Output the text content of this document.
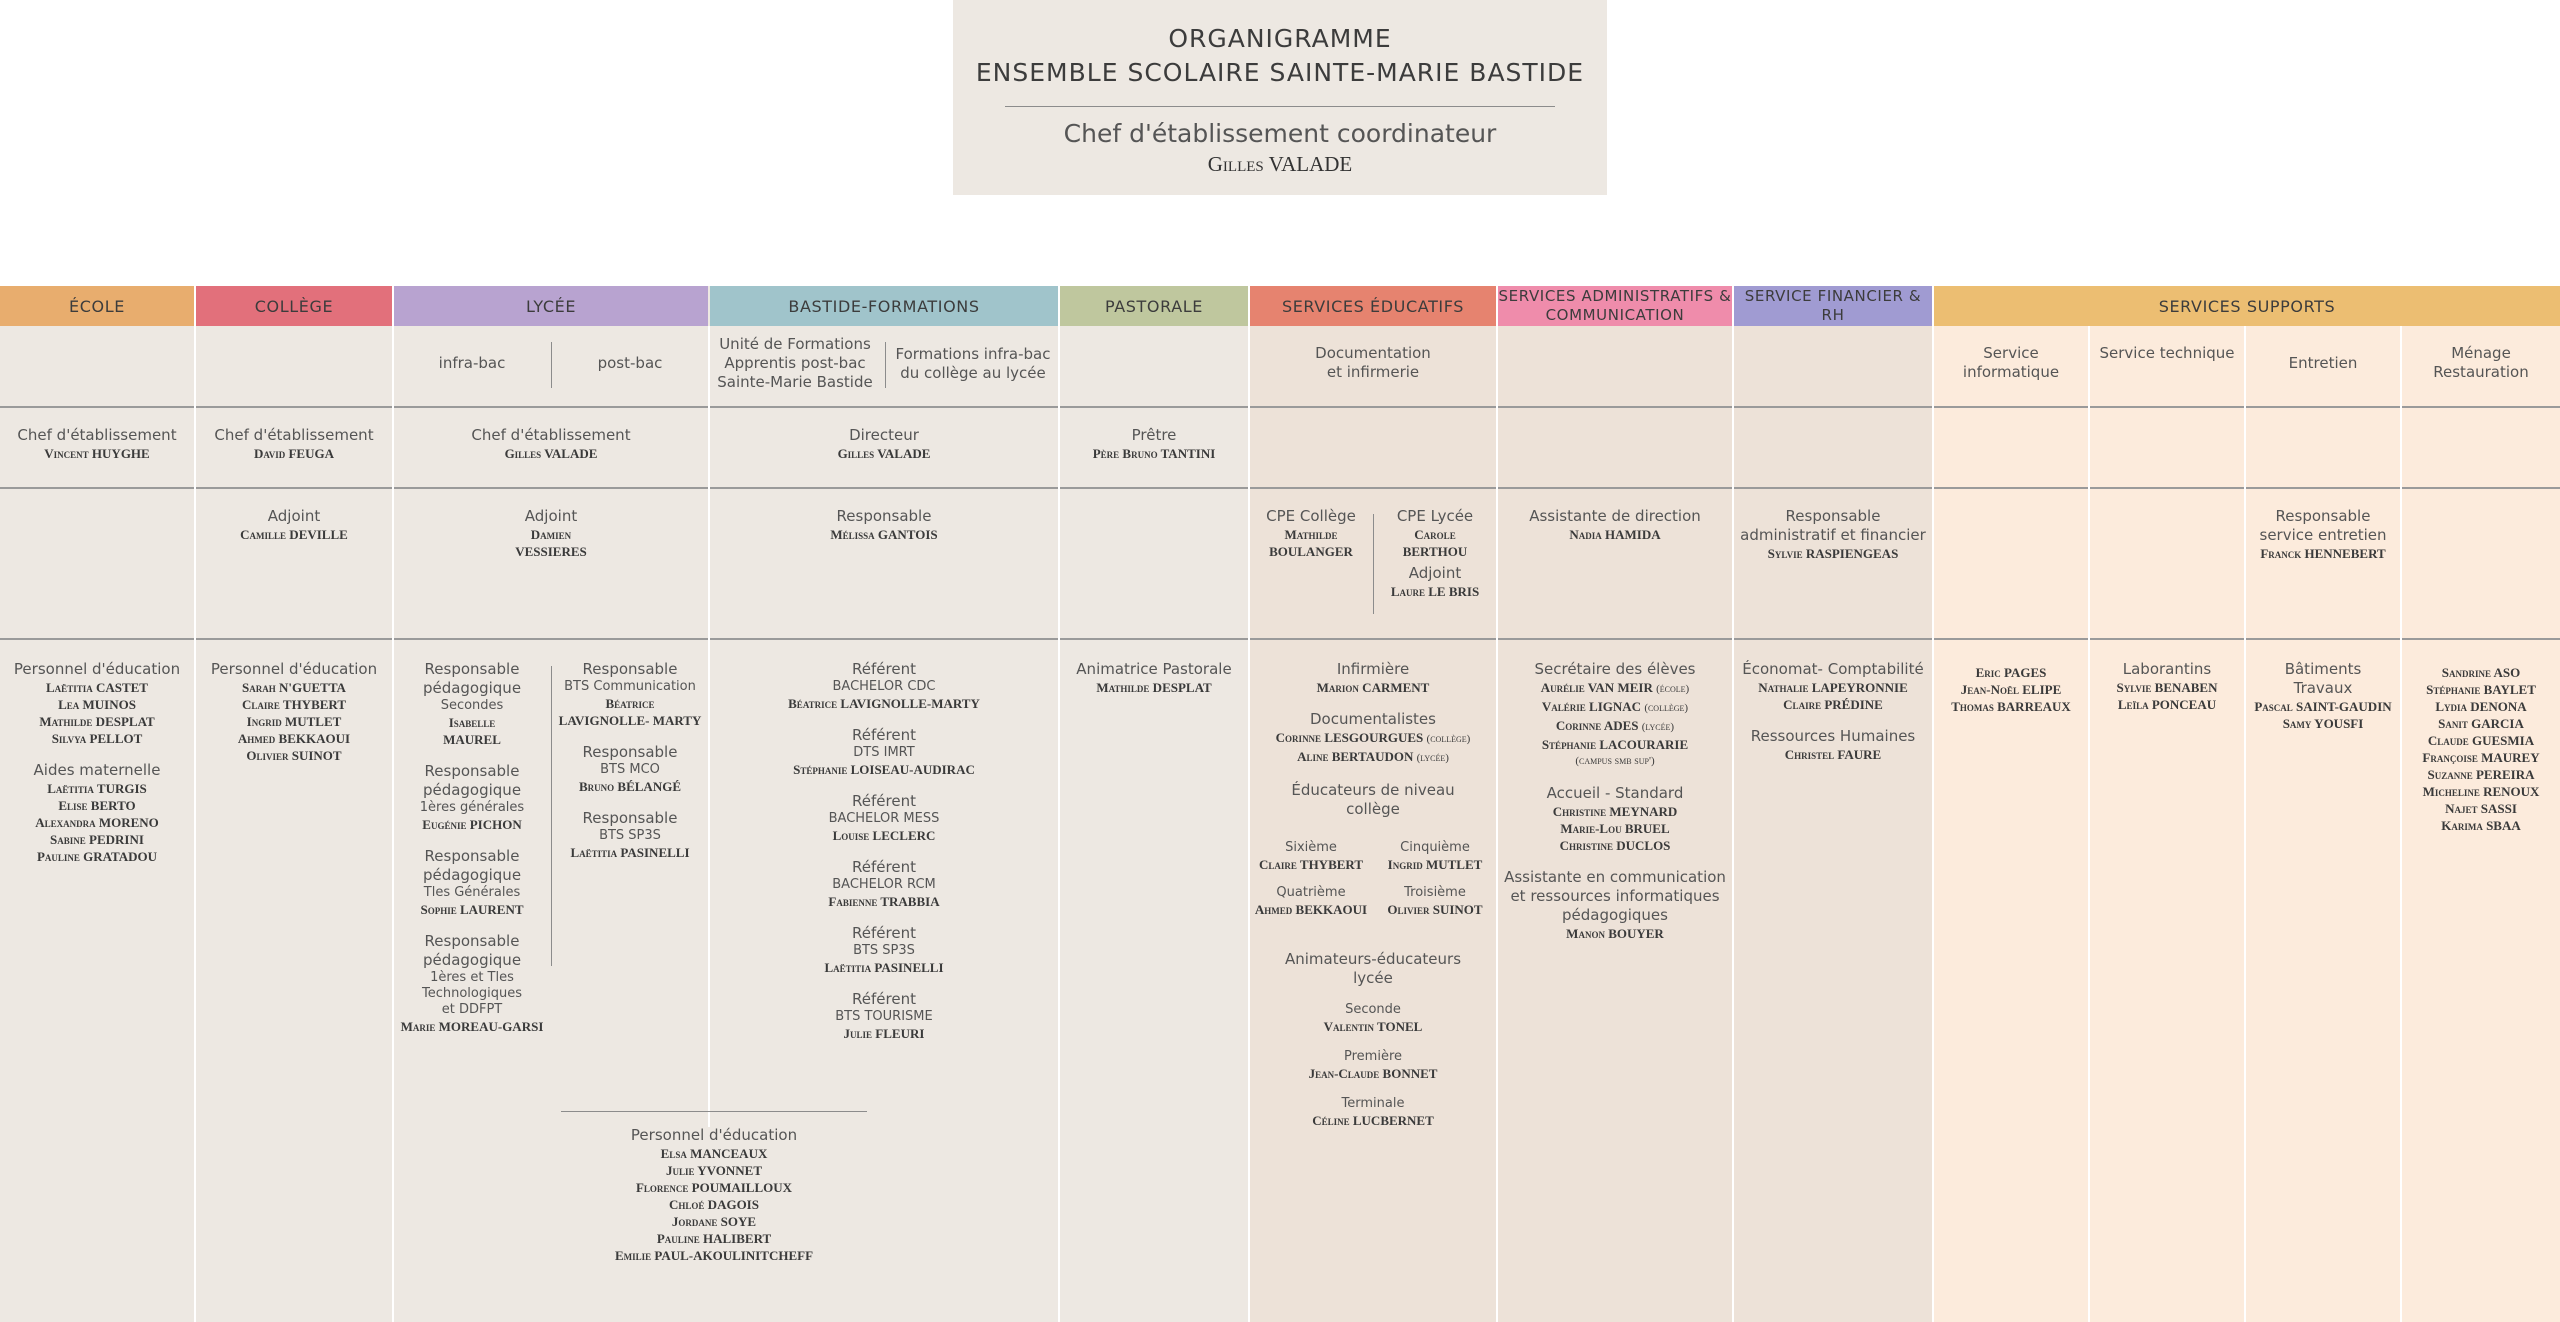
ORGANIGRAMME
ENSEMBLE SCOLAIRE SAINTE-MARIE BASTIDE
Chef d'établissement coordinateur
Gilles VALADE
ÉCOLE
Chef d'établissement
Vincent HUYGHE
Personnel d'éducation
Laëtitia CASTET
Lea MUINOS
Mathilde DESPLAT
Silvya PELLOT
Aides maternelle
Laëtitia TURGIS
Elise BERTO
Alexandra MORENO
Sabine PEDRINI
Pauline GRATADOU
COLLÈGE
Chef d'établissement
David FEUGA
Adjoint
Camille DEVILLE
Personnel d'éducation
Sarah N'GUETTA
Claire THYBERT
Ingrid MUTLET
Ahmed BEKKAOUI
Olivier SUINOT
LYCÉE	BASTIDE-FORMATIONS
infra-bac	post-bac
Unité de Formations Apprentis post-bac Sainte-Marie Bastide
Formations infra-bac du collège au lycée
Chef d'établissement
Gilles VALADE
Directeur
Gilles VALADE
Adjoint
Damien
VESSIERES
Responsable
Mélissa GANTOIS
Responsable
pédagogique
Secondes
Isabelle
MAUREL
Responsable
pédagogique
1ères générales
Eugénie PICHON
Responsable
pédagogique
Tles Générales
Sophie LAURENT
Responsable
pédagogique
1ères et Tles
Technologiques
et DDFPT
Marie MOREAU-GARSI
Responsable
BTS Communication
Béatrice
LAVIGNOLLE- MARTY
Responsable
BTS MCO
Bruno BÉLANGÉ
Responsable
BTS SP3S
Laëtitia PASINELLI
Référent
BACHELOR CDC
Béatrice LAVIGNOLLE-MARTY
Référent
DTS IMRT
Stéphanie LOISEAU-AUDIRAC
Référent
BACHELOR MESS
Louise LECLERC
Référent
BACHELOR RCM
Fabienne TRABBIA
Référent
BTS SP3S
Laëtitia PASINELLI
Référent
BTS TOURISME
Julie FLEURI
Personnel d'éducation
Elsa MANCEAUX
Julie YVONNET
Florence POUMAILLOUX
Chloé DAGOIS
Jordane SOYE
Pauline HALIBERT
Emilie PAUL-AKOULINITCHEFF
PASTORALE
Prêtre
Père Bruno TANTINI
Animatrice Pastorale
Mathilde DESPLAT
SERVICES ÉDUCATIFS
Documentation et infirmerie
CPE Collège
Mathilde
BOULANGER
CPE Lycée
Carole
BERTHOU
Adjoint
Laure LE BRIS
Infirmière
Marion CARMENT
Documentalistes
Corinne LESGOURGUES (collège)
Aline BERTAUDON (lycée)
Éducateurs de niveau
collège
Sixième
Claire THYBERT
Quatrième
Ahmed BEKKAOUI
Cinquième
Ingrid MUTLET
Troisième
Olivier SUINOT
Animateurs-éducateurs
lycée
Seconde
Valentin TONEL
Première
Jean-Claude BONNET
Terminale
Céline LUCBERNET
SERVICES ADMINISTRATIFS & COMMUNICATION
Assistante de direction
Nadia HAMIDA
Secrétaire des élèves
Aurélie VAN MEIR (école)
Valérie LIGNAC (collège)
Corinne ADES (lycée)
Stéphanie LACOURARIE
(campus smb sup')
Accueil - Standard
Christine MEYNARD
Marie-Lou BRUEL
Christine DUCLOS
Assistante en communication
et ressources informatiques
pédagogiques
Manon BOUYER
SERVICE FINANCIER & RH
Responsable
administratif et financier
Sylvie RASPIENGEAS
Économat- Comptabilité
Nathalie LAPEYRONNIE
Claire PRÉDINE
Ressources Humaines
Christel FAURE
SERVICES SUPPORTS
Service informatique
Service technique
Entretien
Ménage Restauration
Responsable
service entretien
Franck HENNEBERT
Eric PAGES
Jean-Noël ELIPE
Thomas BARREAUX
Laborantins
Sylvie BENABEN
Leïla PONCEAU
Bâtiments
Travaux
Pascal SAINT-GAUDIN
Samy YOUSFI
Sandrine ASO
Stéphanie BAYLET
Lydia DENONA
Sanit GARCIA
Claude GUESMIA
Françoise MAUREY
Suzanne PEREIRA
Micheline RENOUX
Najet SASSI
Karima SBAA
